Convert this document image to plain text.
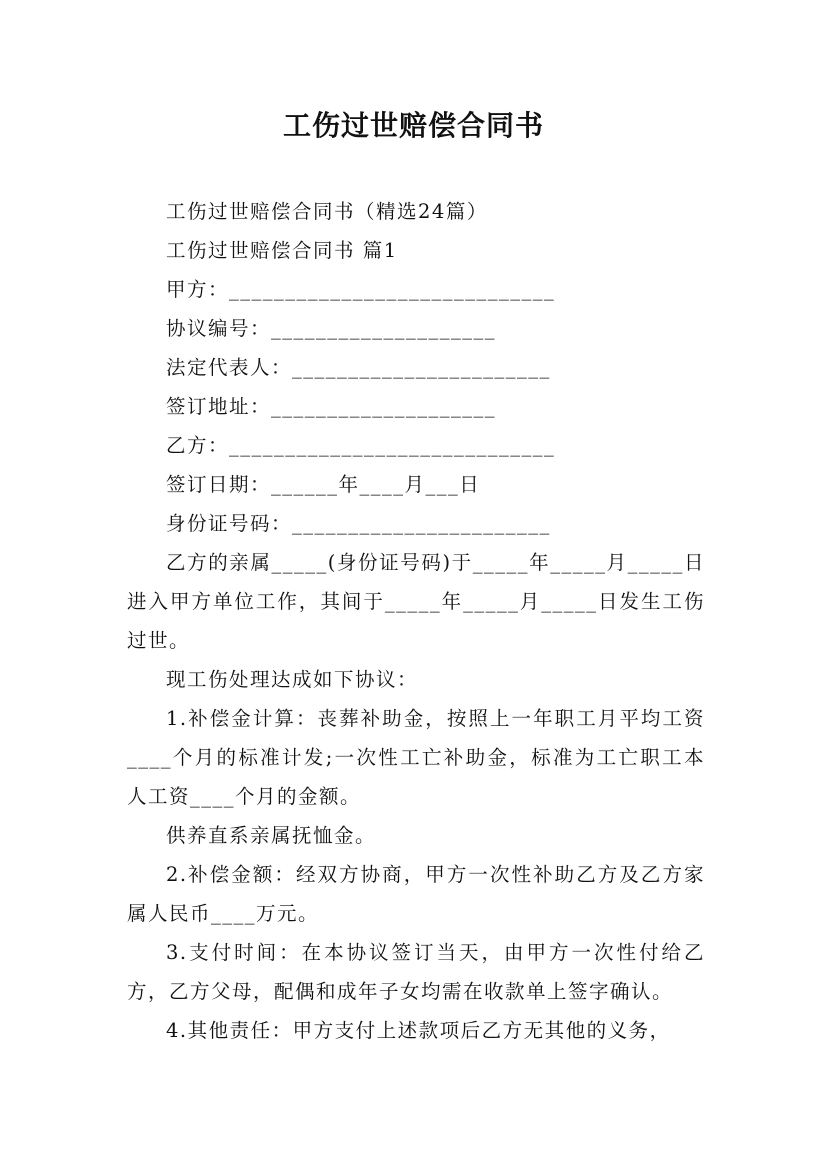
工伤过世赔偿合同书

工伤过世赔偿合同书（精选24篇）

工伤过世赔偿合同书 篇1

甲方：_____________________________

协议编号：____________________

法定代表人：_______________________

签订地址：____________________

乙方：_____________________________

签订日期：______年____月___日

身份证号码：_______________________

乙方的亲属_____(身份证号码)于_____年_____月_____日进入甲方单位工作，其间于_____年_____月_____日发生工伤过世。

现工伤处理达成如下协议：

1.补偿金计算：丧葬补助金，按照上一年职工月平均工资____个月的标准计发;一次性工亡补助金，标准为工亡职工本人工资____个月的金额。

供养直系亲属抚恤金。

2.补偿金额：经双方协商，甲方一次性补助乙方及乙方家属人民币____万元。

3.支付时间：在本协议签订当天，由甲方一次性付给乙方，乙方父母，配偶和成年子女均需在收款单上签字确认。

4.其他责任：甲方支付上述款项后乙方无其他的义务，
